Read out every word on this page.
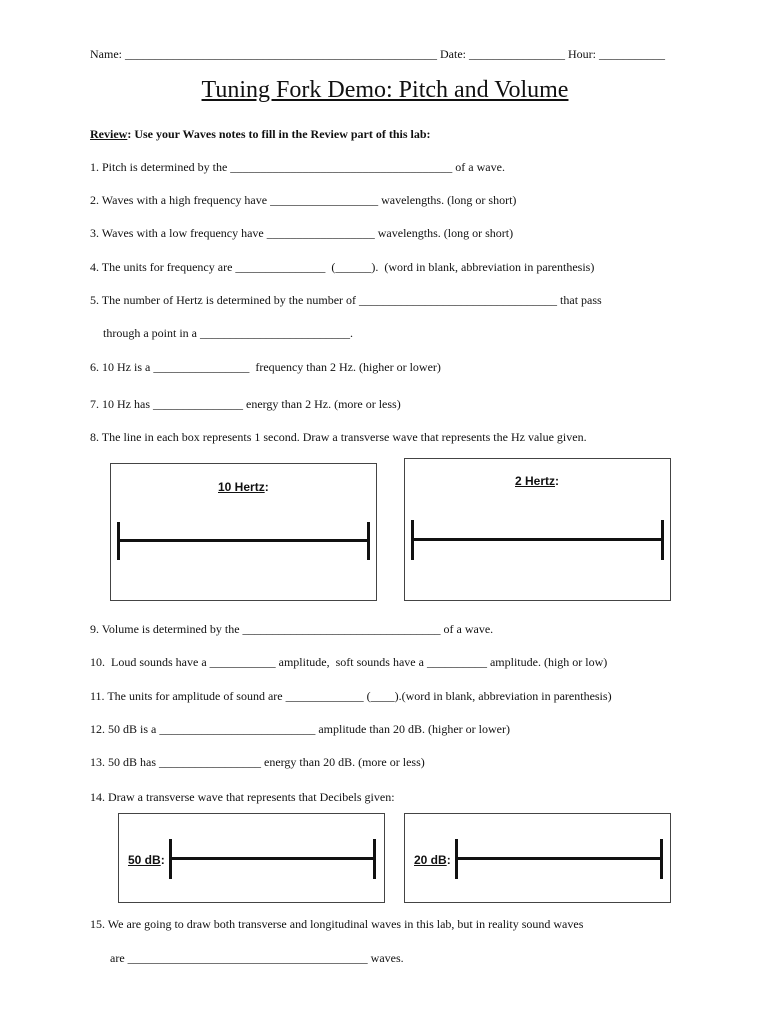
Name: ____________________________________________________ Date: ________________ Hour: ___________
Tuning Fork Demo: Pitch and Volume
Review: Use your Waves notes to fill in the Review part of this lab:
1. Pitch is determined by the _____________________________________ of a wave.
2. Waves with a high frequency have __________________ wavelengths. (long or short)
3. Waves with a low frequency have __________________ wavelengths. (long or short)
4. The units for frequency are _______________  (______).  (word in blank, abbreviation in parenthesis)
5. The number of Hertz is determined by the number of _________________________________ that pass
through a point in a _________________________.
6. 10 Hz is a ________________  frequency than 2 Hz. (higher or lower)
7. 10 Hz has _______________ energy than 2 Hz. (more or less)
8. The line in each box represents 1 second. Draw a transverse wave that represents the Hz value given.
10 Hertz:	2 Hertz:
9. Volume is determined by the _________________________________ of a wave.
10.  Loud sounds have a ___________ amplitude,  soft sounds have a __________ amplitude. (high or low)
11. The units for amplitude of sound are _____________ (____).(word in blank, abbreviation in parenthesis)
12. 50 dB is a __________________________ amplitude than 20 dB. (higher or lower)
13. 50 dB has _________________ energy than 20 dB. (more or less)
14. Draw a transverse wave that represents that Decibels given:
50 dB:	20 dB:
15. We are going to draw both transverse and longitudinal waves in this lab, but in reality sound waves
are ________________________________________ waves.
